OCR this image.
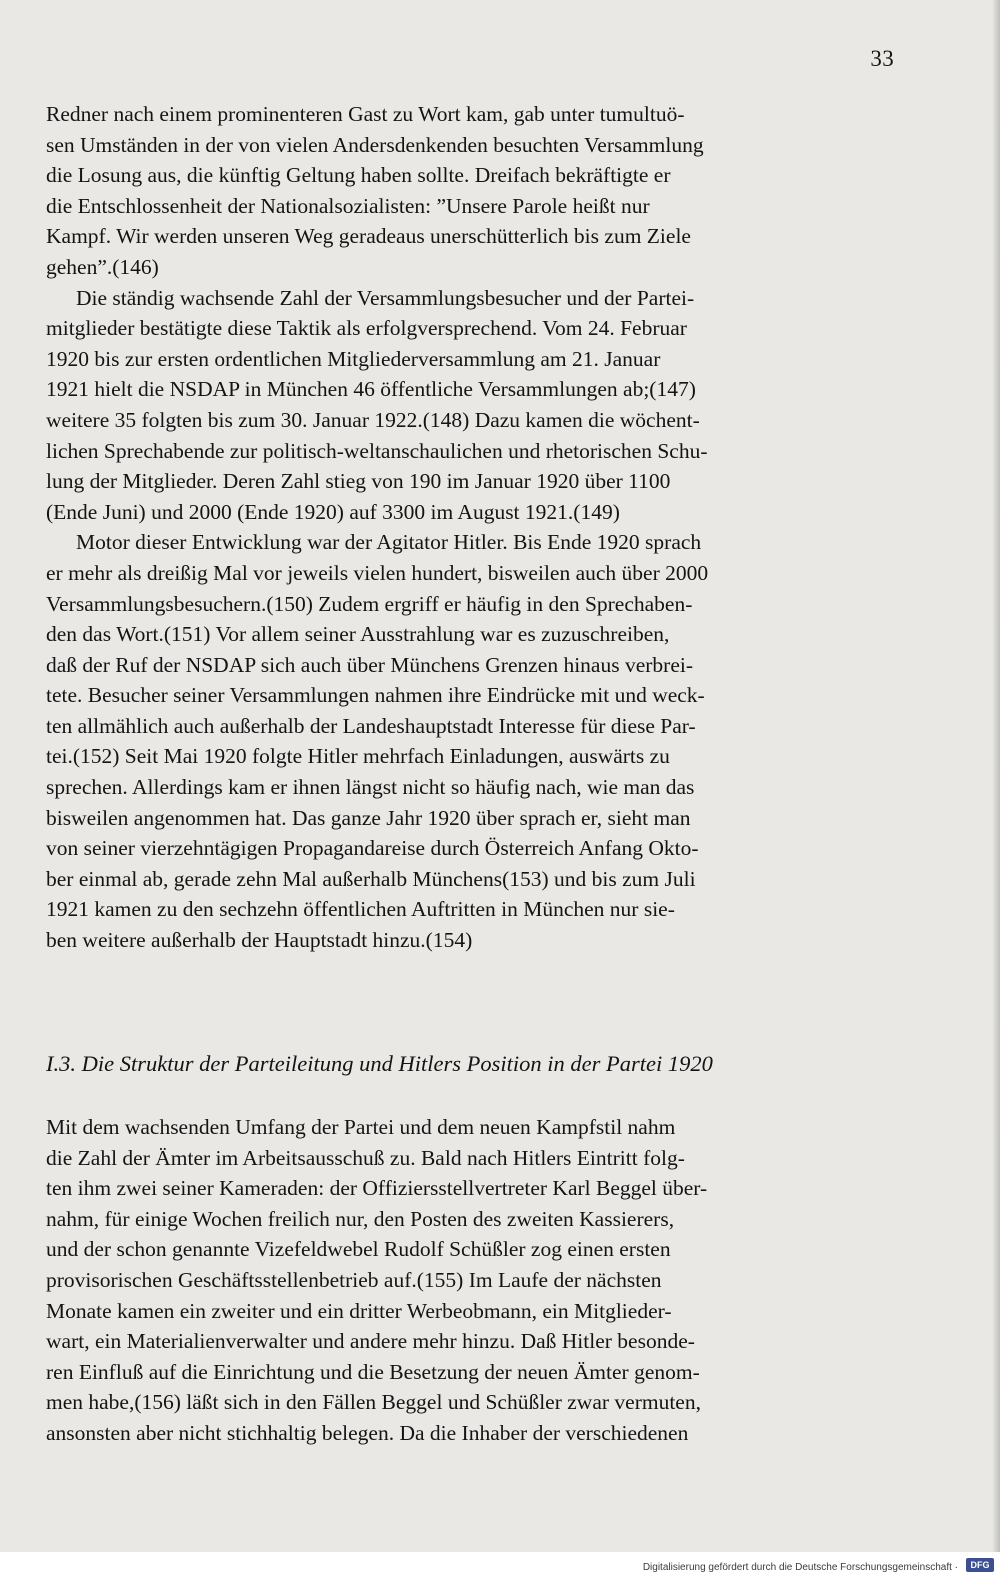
33
Redner nach einem prominenteren Gast zu Wort kam, gab unter tumultuö-
sen Umständen in der von vielen Andersdenkenden besuchten Versammlung
die Losung aus, die künftig Geltung haben sollte. Dreifach bekräftigte er
die Entschlossenheit der Nationalsozialisten: ”Unsere Parole heißt nur
Kampf. Wir werden unseren Weg geradeaus unerschütterlich bis zum Ziele
gehen”.(146)
Die ständig wachsende Zahl der Versammlungsbesucher und der Partei-
mitglieder bestätigte diese Taktik als erfolgversprechend. Vom 24. Februar
1920 bis zur ersten ordentlichen Mitgliederversammlung am 21. Januar
1921 hielt die NSDAP in München 46 öffentliche Versammlungen ab;(147)
weitere 35 folgten bis zum 30. Januar 1922.(148) Dazu kamen die wöchent-
lichen Sprechabende zur politisch-weltanschaulichen und rhetorischen Schu-
lung der Mitglieder. Deren Zahl stieg von 190 im Januar 1920 über 1100
(Ende Juni) und 2000 (Ende 1920) auf 3300 im August 1921.(149)
Motor dieser Entwicklung war der Agitator Hitler. Bis Ende 1920 sprach
er mehr als dreißig Mal vor jeweils vielen hundert, bisweilen auch über 2000
Versammlungsbesuchern.(150) Zudem ergriff er häufig in den Sprechaben-
den das Wort.(151) Vor allem seiner Ausstrahlung war es zuzuschreiben,
daß der Ruf der NSDAP sich auch über Münchens Grenzen hinaus verbrei-
tete. Besucher seiner Versammlungen nahmen ihre Eindrücke mit und weck-
ten allmählich auch außerhalb der Landeshauptstadt Interesse für diese Par-
tei.(152) Seit Mai 1920 folgte Hitler mehrfach Einladungen, auswärts zu
sprechen. Allerdings kam er ihnen längst nicht so häufig nach, wie man das
bisweilen angenommen hat. Das ganze Jahr 1920 über sprach er, sieht man
von seiner vierzehntägigen Propagandareise durch Österreich Anfang Okto-
ber einmal ab, gerade zehn Mal außerhalb Münchens(153) und bis zum Juli
1921 kamen zu den sechzehn öffentlichen Auftritten in München nur sie-
ben weitere außerhalb der Hauptstadt hinzu.(154)
I.3. Die Struktur der Parteileitung und Hitlers Position in der Partei 1920
Mit dem wachsenden Umfang der Partei und dem neuen Kampfstil nahm
die Zahl der Ämter im Arbeitsausschuß zu. Bald nach Hitlers Eintritt folg-
ten ihm zwei seiner Kameraden: der Offiziersstellvertreter Karl Beggel über-
nahm, für einige Wochen freilich nur, den Posten des zweiten Kassierers,
und der schon genannte Vizefeldwebel Rudolf Schüßler zog einen ersten
provisorischen Geschäftsstellenbetrieb auf.(155) Im Laufe der nächsten
Monate kamen ein zweiter und ein dritter Werbeobmann, ein Mitglieder-
wart, ein Materialienverwalter und andere mehr hinzu. Daß Hitler besonde-
ren Einfluß auf die Einrichtung und die Besetzung der neuen Ämter genom-
men habe,(156) läßt sich in den Fällen Beggel und Schüßler zwar vermuten,
ansonsten aber nicht stichhaltig belegen. Da die Inhaber der verschiedenen
Digitalisierung gefördert durch die Deutsche Forschungsgemeinschaft ·	DFG
